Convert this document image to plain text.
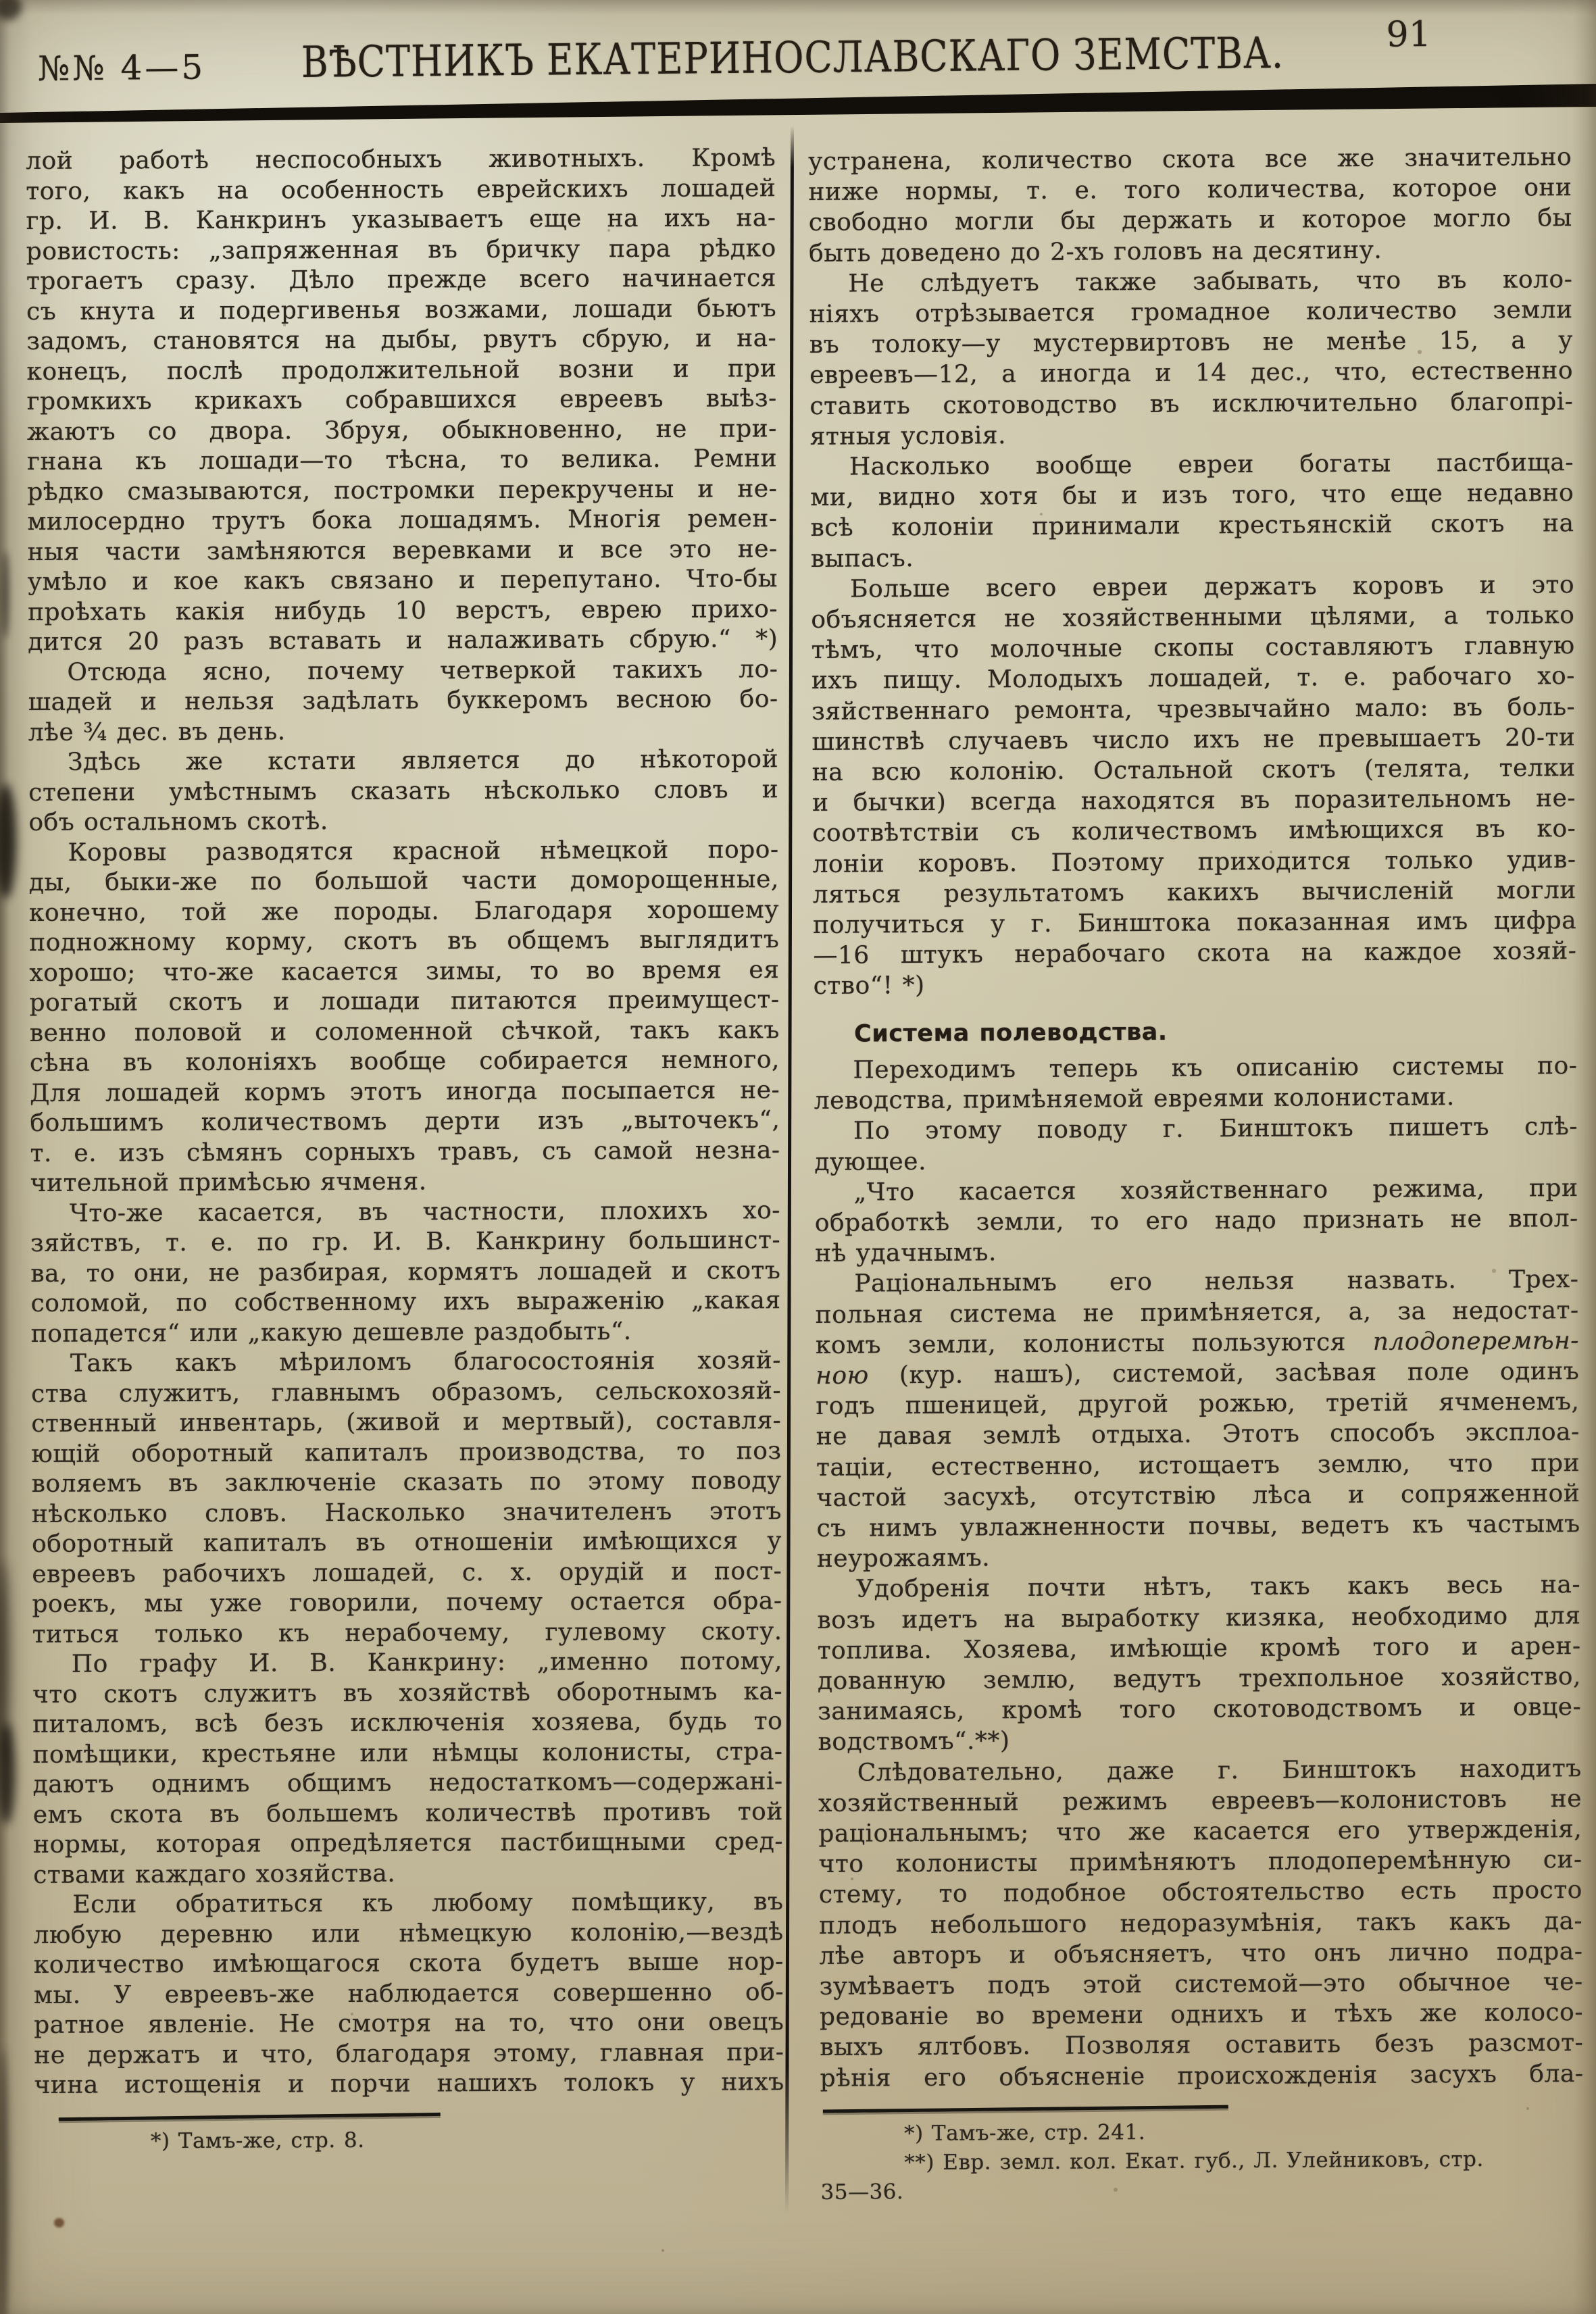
№№ 4—5	ВѢСТНИКЪ ЕКАТЕРИНОСЛАВСКАГО ЗЕМСТВА.	91
лой работѣ неспособныхъ животныхъ. Кромѣ
того, какъ на особенность еврейскихъ лошадей
гр. И. В. Канкринъ указываетъ еще на ихъ на-
ровистость: „запряженная въ бричку пара рѣдко
трогаетъ сразу. Дѣло прежде всего начинается
съ кнута и подергивенья возжами, лошади бьютъ
задомъ, становятся на дыбы, рвутъ сбрую, и на-
конецъ, послѣ продолжительной возни и при
громкихъ крикахъ собравшихся евреевъ выѣз-
жаютъ со двора. Збруя, обыкновенно, не при-
гнана къ лошади—то тѣсна, то велика. Ремни
рѣдко смазываются, постромки перекручены и не-
милосердно трутъ бока лошадямъ. Многія ремен-
ныя части замѣняются веревками и все это не-
умѣло и кое какъ связано и перепутано. Что-бы
проѣхать какія нибудь 10 верстъ, еврею прихо-
дится 20 разъ вставать и налаживать сбрую.“ *)
Отсюда ясно, почему четверкой такихъ ло-
шадей и нельзя задѣлать буккеромъ весною бо-
лѣе ¾ дес. въ день.
Здѣсь же кстати является до нѣкоторой
степени умѣстнымъ сказать нѣсколько словъ и
объ остальномъ скотѣ.
Коровы разводятся красной нѣмецкой поро-
ды, быки-же по большой части доморощенные,
конечно, той же породы. Благодаря хорошему
подножному корму, скотъ въ общемъ выглядитъ
хорошо; что-же касается зимы, то во время ея
рогатый скотъ и лошади питаются преимущест-
венно половой и соломенной сѣчкой, такъ какъ
сѣна въ колоніяхъ вообще собирается немного,
Для лошадей кормъ этотъ иногда посыпается не-
большимъ количествомъ дерти изъ „выточекъ“,
т. е. изъ сѣмянъ сорныхъ травъ, съ самой незна-
чительной примѣсью ячменя.
Что-же касается, въ частности, плохихъ хо-
зяйствъ, т. е. по гр. И. В. Канкрину большинст-
ва, то они, не разбирая, кормятъ лошадей и скотъ
соломой, по собственному ихъ выраженію „какая
попадется“ или „какую дешевле раздобыть“.
Такъ какъ мѣриломъ благосостоянія хозяй-
ства служитъ, главнымъ образомъ, сельскохозяй-
ственный инвентарь, (живой и мертвый), составля-
ющій оборотный капиталъ производства, то поз
воляемъ въ заключеніе сказать по этому поводу
нѣсколько словъ. Насколько значителенъ этотъ
оборотный капиталъ въ отношеніи имѣющихся у
евреевъ рабочихъ лошадей, с. х. орудій и пост-
роекъ, мы уже говорили, почему остается обра-
титься только къ нерабочему, гулевому скоту.
По графу И. В. Канкрину: „именно потому,
что скотъ служитъ въ хозяйствѣ оборотнымъ ка-
питаломъ, всѣ безъ исключенія хозяева, будь то
помѣщики, крестьяне или нѣмцы колонисты, стра-
даютъ однимъ общимъ недостаткомъ—содержані-
емъ скота въ большемъ количествѣ противъ той
нормы, которая опредѣляется пастбищными сред-
ствами каждаго хозяйства.
Если обратиться къ любому помѣщику, въ
любую деревню или нѣмецкую колонію,—вездѣ
количество имѣющагося скота будетъ выше нор-
мы. У евреевъ-же наблюдается совершенно об-
ратное явленіе. Не смотря на то, что они овецъ
не держатъ и что, благодаря этому, главная при-
чина истощенія и порчи нашихъ толокъ у нихъ
*) Тамъ-же, стр. 8.
устранена, количество скота все же значительно
ниже нормы, т. е. того количества, которое они
свободно могли бы держать и которое могло бы
быть доведено до 2-хъ головъ на десятину.
Не слѣдуетъ также забывать, что въ коло-
ніяхъ отрѣзывается громадное количество земли
въ толоку—у мустервиртовъ не менѣе 15, а у
евреевъ—12, а иногда и 14 дес., что, естественно
ставить скотоводство въ исключительно благопрі-
ятныя условія.
Насколько вообще евреи богаты пастбища-
ми, видно хотя бы и изъ того, что еще недавно
всѣ колоніи принимали крестьянскій скотъ на
выпасъ.
Больше всего евреи держатъ коровъ и это
объясняется не хозяйственными цѣлями, а только
тѣмъ, что молочные скопы составляютъ главную
ихъ пищу. Молодыхъ лошадей, т. е. рабочаго хо-
зяйственнаго ремонта, чрезвычайно мало: въ боль-
шинствѣ случаевъ число ихъ не превышаетъ 20-ти
на всю колонію. Остальной скотъ (телята, телки
и бычки) всегда находятся въ поразительномъ не-
соотвѣтствіи съ количествомъ имѣющихся въ ко-
лоніи коровъ. Поэтому приходится только удив-
ляться результатомъ какихъ вычисленій могли
получиться у г. Бинштока показанная имъ цифра
—16 штукъ нерабочаго скота на каждое хозяй-
ство“! *)
Система полеводства.
Переходимъ теперь къ описанію системы по-
леводства, примѣняемой евреями колонистами.
По этому поводу г. Бинштокъ пишетъ слѣ-
дующее.
„Что касается хозяйственнаго режима, при
обработкѣ земли, то его надо признать не впол-
нѣ удачнымъ.
Раціональнымъ его нельзя назвать. Трех-
польная система не примѣняется, а, за недостат-
комъ земли, колонисты пользуются плодоперемѣн-
ною (кур. нашъ), системой, засѣвая поле одинъ
годъ пшеницей, другой рожью, третій ячменемъ,
не давая землѣ отдыха. Этотъ способъ эксплоа-
таціи, естественно, истощаетъ землю, что при
частой засухѣ, отсутствію лѣса и сопряженной
съ нимъ увлажненности почвы, ведетъ къ частымъ
неурожаямъ.
Удобренія почти нѣтъ, такъ какъ весь на-
возъ идетъ на выработку кизяка, необходимо для
топлива. Хозяева, имѣющіе кромѣ того и арен-
дованную землю, ведутъ трехпольное хозяйство,
занимаясь, кромѣ того скотоводствомъ и овце-
водствомъ“.**)
Слѣдовательно, даже г. Бинштокъ находитъ
хозяйственный режимъ евреевъ—колонистовъ не
раціональнымъ; что же касается его утвержденія,
что колонисты примѣняютъ плодоперемѣнную си-
стему, то подобное обстоятельство есть просто
плодъ небольшого недоразумѣнія, такъ какъ да-
лѣе авторъ и объясняетъ, что онъ лично подра-
зумѣваетъ подъ этой системой—это обычное че-
редованіе во времени однихъ и тѣхъ же колосо-
выхъ ялтбовъ. Позволяя оставить безъ разсмот-
рѣнія его объясненіе происхожденія засухъ бла-
*) Тамъ-же, стр. 241.
**) Евр. земл. кол. Екат. губ., Л. Улейниковъ, стр.
35—36.
